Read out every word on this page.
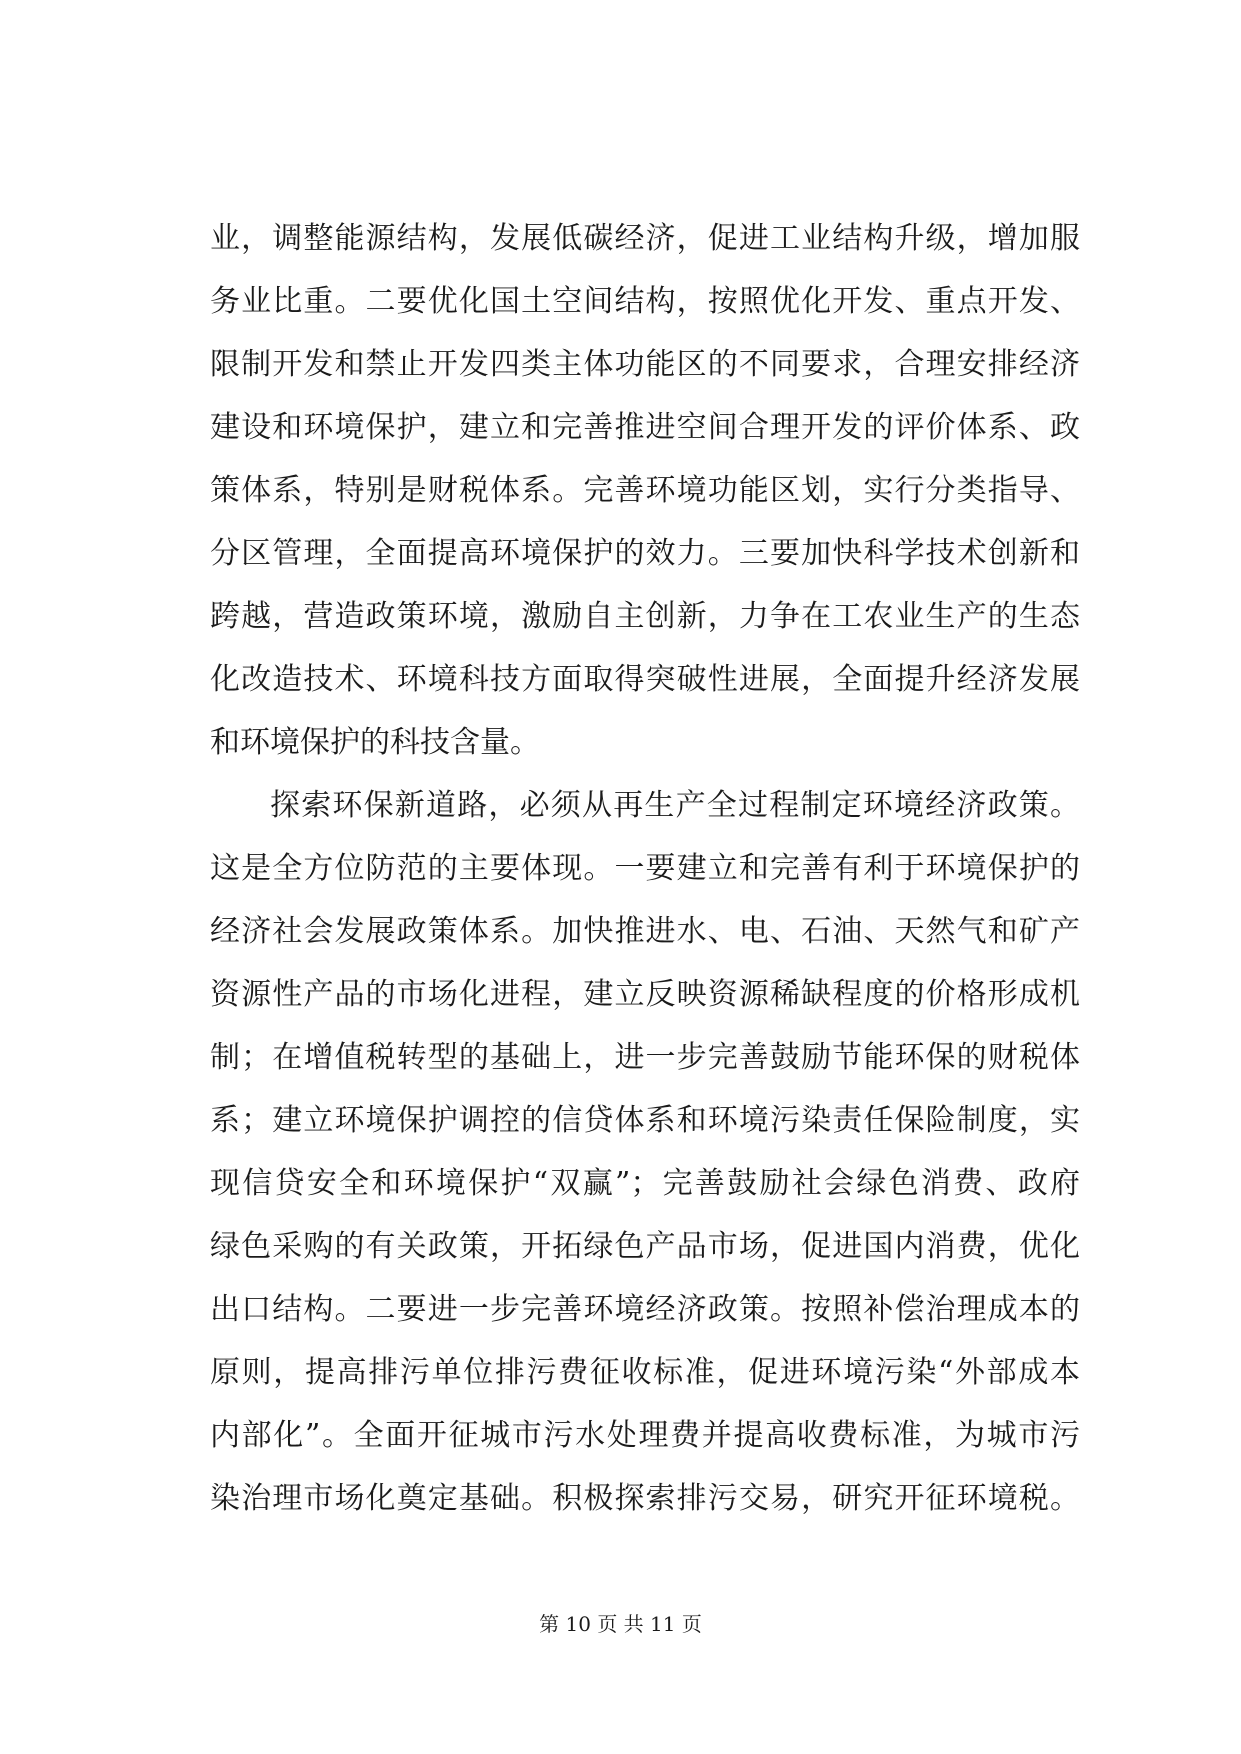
业，调整能源结构，发展低碳经济，促进工业结构升级，增加服
务业比重。二要优化国土空间结构，按照优化开发、重点开发、
限制开发和禁止开发四类主体功能区的不同要求，合理安排经济
建设和环境保护，建立和完善推进空间合理开发的评价体系、政
策体系，特别是财税体系。完善环境功能区划，实行分类指导、
分区管理，全面提高环境保护的效力。三要加快科学技术创新和
跨越，营造政策环境，激励自主创新，力争在工农业生产的生态
化改造技术、环境科技方面取得突破性进展，全面提升经济发展
和环境保护的科技含量。
探索环保新道路，必须从再生产全过程制定环境经济政策。
这是全方位防范的主要体现。一要建立和完善有利于环境保护的
经济社会发展政策体系。加快推进水、电、石油、天然气和矿产
资源性产品的市场化进程，建立反映资源稀缺程度的价格形成机
制；在增值税转型的基础上，进一步完善鼓励节能环保的财税体
系；建立环境保护调控的信贷体系和环境污染责任保险制度，实
现信贷安全和环境保护“双赢”；完善鼓励社会绿色消费、政府
绿色采购的有关政策，开拓绿色产品市场，促进国内消费，优化
出口结构。二要进一步完善环境经济政策。按照补偿治理成本的
原则，提高排污单位排污费征收标准，促进环境污染“外部成本
内部化”。全面开征城市污水处理费并提高收费标准，为城市污
染治理市场化奠定基础。积极探索排污交易，研究开征环境税。
第 10 页 共 11 页
